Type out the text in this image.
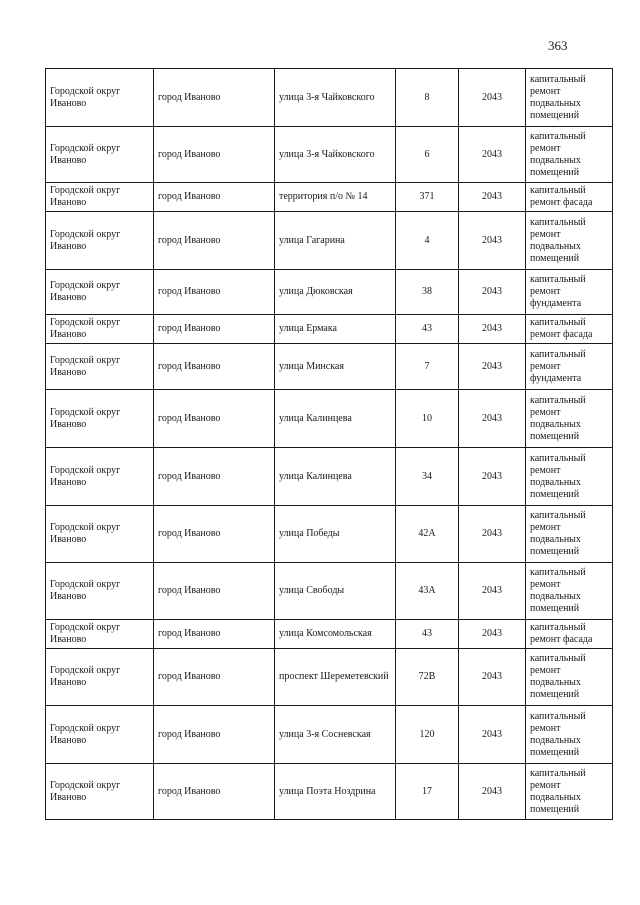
363
Городской округ Иваново	город Иваново	улица 3-я Чайковского	8	2043	капитальный ремонт подвальных помещений
Городской округ Иваново	город Иваново	улица 3-я Чайковского	6	2043	капитальный ремонт подвальных помещений
Городской округ Иваново	город Иваново	территория п/о № 14	371	2043	капитальный ремонт фасада
Городской округ Иваново	город Иваново	улица Гагарина	4	2043	капитальный ремонт подвальных помещений
Городской округ Иваново	город Иваново	улица Дюковская	38	2043	капитальный ремонт фундамента
Городской округ Иваново	город Иваново	улица Ермака	43	2043	капитальный ремонт фасада
Городской округ Иваново	город Иваново	улица Минская	7	2043	капитальный ремонт фундамента
Городской округ Иваново	город Иваново	улица Калинцева	10	2043	капитальный ремонт подвальных помещений
Городской округ Иваново	город Иваново	улица Калинцева	34	2043	капитальный ремонт подвальных помещений
Городской округ Иваново	город Иваново	улица Победы	42А	2043	капитальный ремонт подвальных помещений
Городской округ Иваново	город Иваново	улица Свободы	43А	2043	капитальный ремонт подвальных помещений
Городской округ Иваново	город Иваново	улица Комсомольская	43	2043	капитальный ремонт фасада
Городской округ Иваново	город Иваново	проспект Шереметевский	72В	2043	капитальный ремонт подвальных помещений
Городской округ Иваново	город Иваново	улица 3-я Сосневская	120	2043	капитальный ремонт подвальных помещений
Городской округ Иваново	город Иваново	улица Поэта Ноздрина	17	2043	капитальный ремонт подвальных помещений
